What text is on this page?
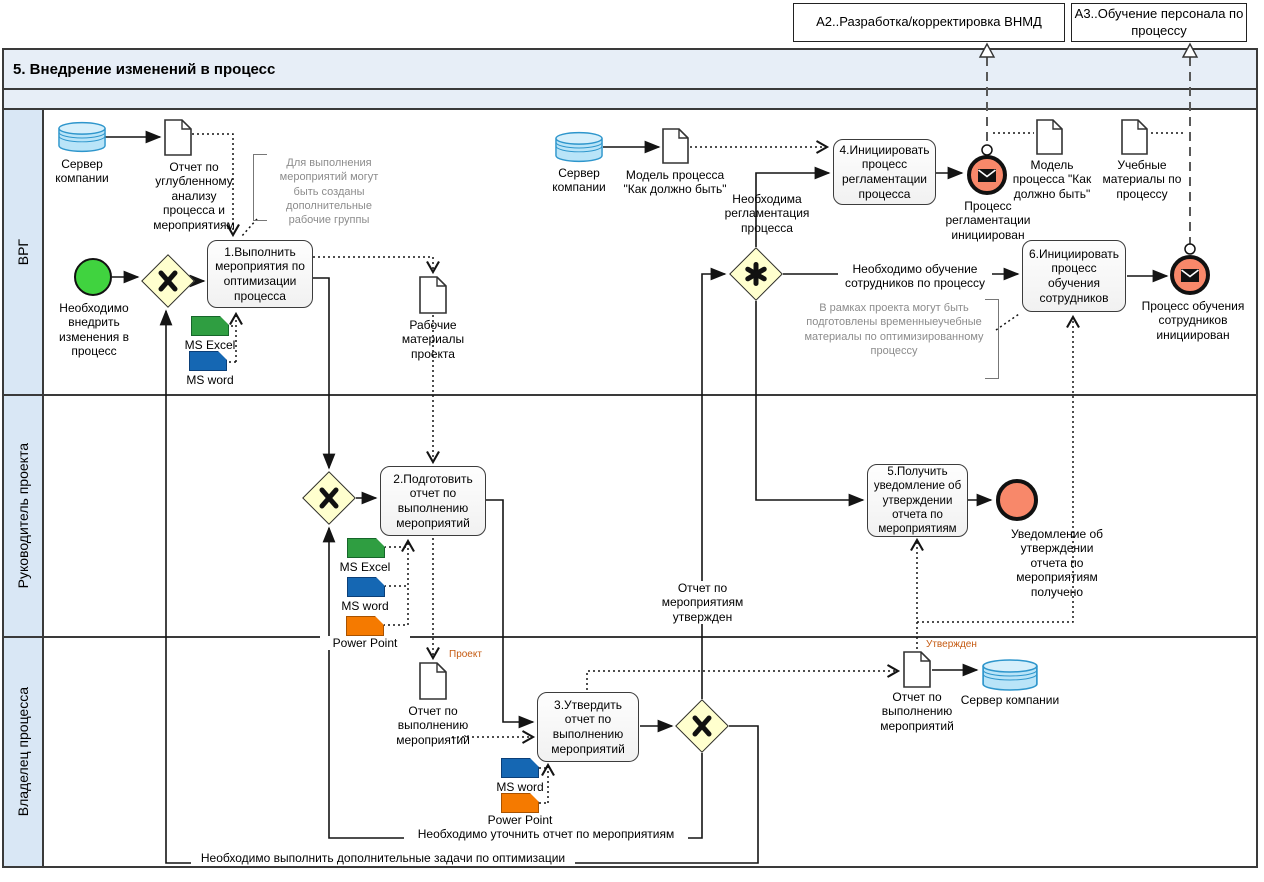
5. Внедрение изменений в процесс
ВРГ
Руководитель проекта
Владелец процесса
А2..Разработка/корректировка ВНМД
А3..Обучение персонала по процессу
Сервер компании
Отчет по углубленному анализу процесса и мероприятиям
Для выполнения мероприятий могут быть созданы дополнительные рабочие группы
Необходимо внедрить изменения в процесс
1.Выполнить мероприятия по оптимизации процесса
MS Excel
MS word
Рабочие материалы проекта
Сервер компании
Модель процесса "Как должно быть"
Необходима регламентация процесса
4.Инициировать процесс регламентации процесса
Процесс регламентации инициирован
Модель процесса "Как должно быть"
Учебные материалы по процессу
Необходимо обучение сотрудников по процессу
6.Инициировать процесс обучения сотрудников
Процесс обучения сотрудников инициирован
В рамках проекта могут быть подготовлены временныеучебные материалы по оптимизированному процессу
2.Подготовить отчет по выполнению мероприятий
MS Excel
MS word
Power Point
5.Получить уведомление об утверждении отчета по мероприятиям	Уведомление об утверждении отчета по мероприятиям получено
Отчет по мероприятиям утвержден
Проект
Отчет по выполнению мероприятий
3.Утвердить отчет по выполнению мероприятий
MS word
Power Point
Утвержден
Отчет по выполнению мероприятий
Сервер компании
Необходимо уточнить отчет по мероприятиям
Необходимо выполнить дополнительные задачи по оптимизации
